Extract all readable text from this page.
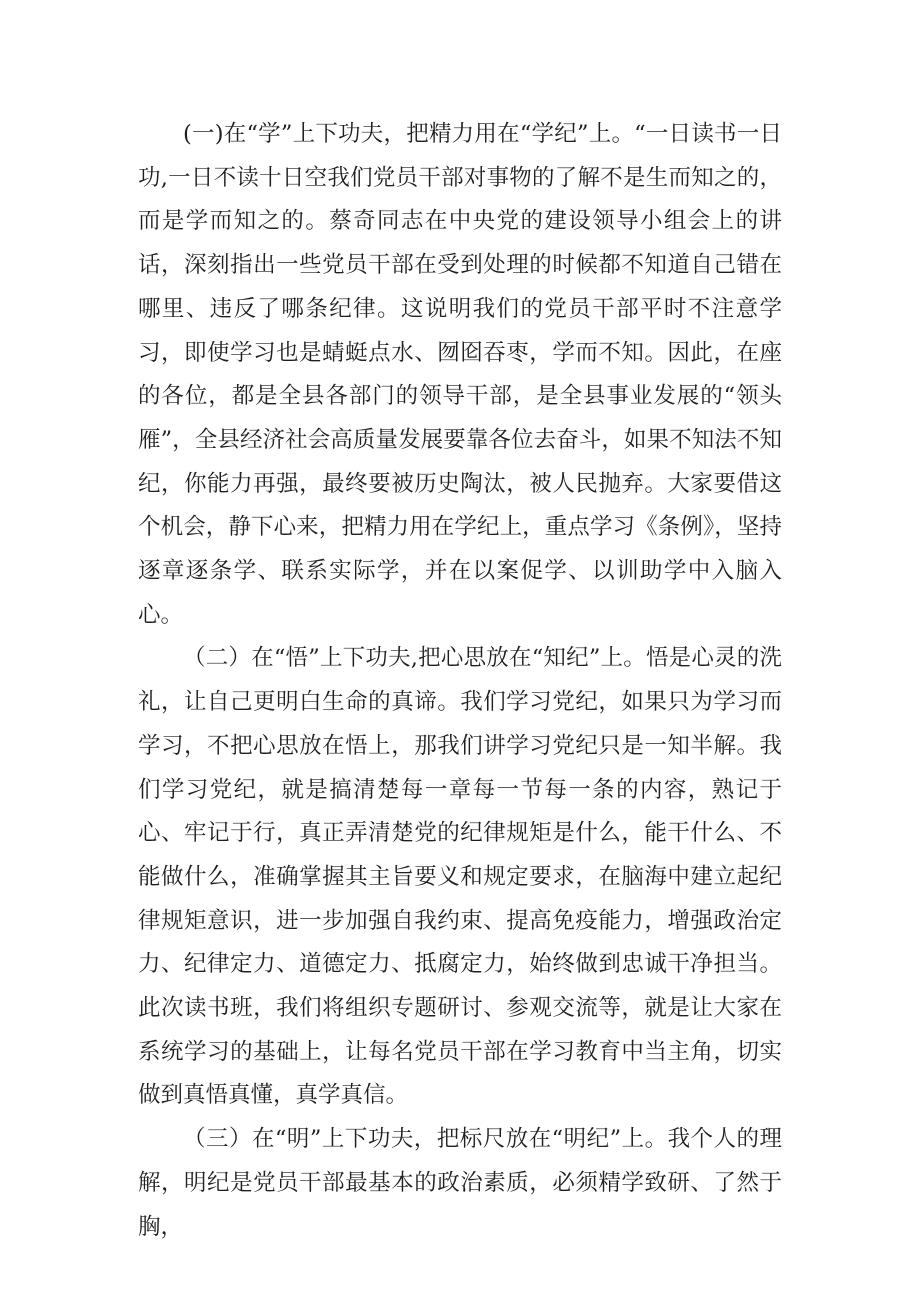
(一)在“学”上下功夫，把精力用在“学纪”上。“一日读书一日功,一日不读十日空我们党员干部对事物的了解不是生而知之的，而是学而知之的。蔡奇同志在中央党的建设领导小组会上的讲话，深刻指出一些党员干部在受到处理的时候都不知道自己错在哪里、违反了哪条纪律。这说明我们的党员干部平时不注意学习，即使学习也是蜻蜓点水、囫囵吞枣，学而不知。因此，在座的各位，都是全县各部门的领导干部，是全县事业发展的“领头雁”，全县经济社会高质量发展要靠各位去奋斗，如果不知法不知纪，你能力再强，最终要被历史陶汰，被人民抛弃。大家要借这个机会，静下心来，把精力用在学纪上，重点学习《条例》，坚持逐章逐条学、联系实际学，并在以案促学、以训助学中入脑入心。

（二）在“悟”上下功夫,把心思放在“知纪”上。悟是心灵的洗礼，让自己更明白生命的真谛。我们学习党纪，如果只为学习而学习，不把心思放在悟上，那我们讲学习党纪只是一知半解。我们学习党纪，就是搞清楚每一章每一节每一条的内容，熟记于心、牢记于行，真正弄清楚党的纪律规矩是什么，能干什么、不能做什么，准确掌握其主旨要义和规定要求，在脑海中建立起纪律规矩意识，进一步加强自我约束、提高免疫能力，增强政治定力、纪律定力、道德定力、抵腐定力，始终做到忠诚干净担当。此次读书班，我们将组织专题研讨、参观交流等，就是让大家在系统学习的基础上，让每名党员干部在学习教育中当主角，切实做到真悟真懂，真学真信。

（三）在“明”上下功夫，把标尺放在“明纪”上。我个人的理解，明纪是党员干部最基本的政治素质，必须精学致研、了然于胸，
